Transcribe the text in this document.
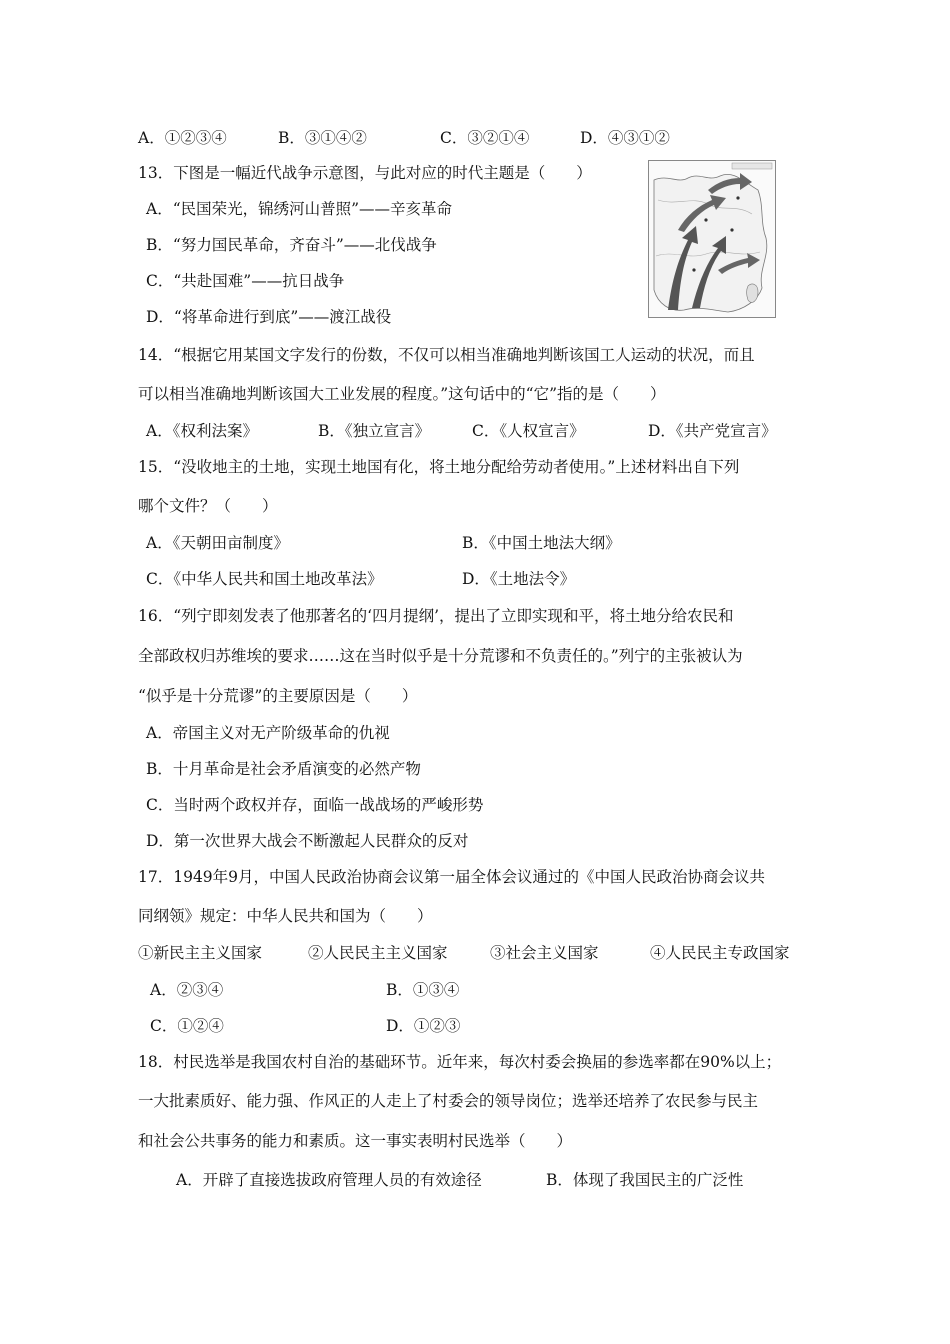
A．①②③④	B．③①④②	C．③②①④	D．④③①②
13．下图是一幅近代战争示意图，与此对应的时代主题是（　　）
A．“民国荣光，锦绣河山普照”——辛亥革命
B．“努力国民革命，齐奋斗”——北伐战争
C．“共赴国难”——抗日战争
D．“将革命进行到底”——渡江战役
14．“根据它用某国文字发行的份数，不仅可以相当准确地判断该国工人运动的状况，而且
可以相当准确地判断该国大工业发展的程度。”这句话中的“它”指的是（　　）
A．《权利法案》	B．《独立宣言》	C．《人权宣言》	D．《共产党宣言》
15．“没收地主的土地，实现土地国有化，将土地分配给劳动者使用。”上述材料出自下列
哪个文件？（　　）
A．《天朝田亩制度》	B．《中国土地法大纲》
C．《中华人民共和国土地改革法》	D．《土地法令》
16．“列宁即刻发表了他那著名的‘四月提纲’，提出了立即实现和平，将土地分给农民和
全部政权归苏维埃的要求……这在当时似乎是十分荒谬和不负责任的。”列宁的主张被认为
“似乎是十分荒谬”的主要原因是（　　）
A．帝国主义对无产阶级革命的仇视
B．十月革命是社会矛盾演变的必然产物
C．当时两个政权并存，面临一战战场的严峻形势
D．第一次世界大战会不断激起人民群众的反对
17．1949年9月，中国人民政治协商会议第一届全体会议通过的《中国人民政治协商会议共
同纲领》规定：中华人民共和国为（　　）
①新民主主义国家	②人民民主主义国家	③社会主义国家	④人民民主专政国家
A．②③④	B．①③④
C．①②④	D．①②③
18．村民选举是我国农村自治的基础环节。近年来，每次村委会换届的参选率都在90%以上；
一大批素质好、能力强、作风正的人走上了村委会的领导岗位；选举还培养了农民参与民主
和社会公共事务的能力和素质。这一事实表明村民选举（　　）
A．开辟了直接选拔政府管理人员的有效途径	B．体现了我国民主的广泛性
